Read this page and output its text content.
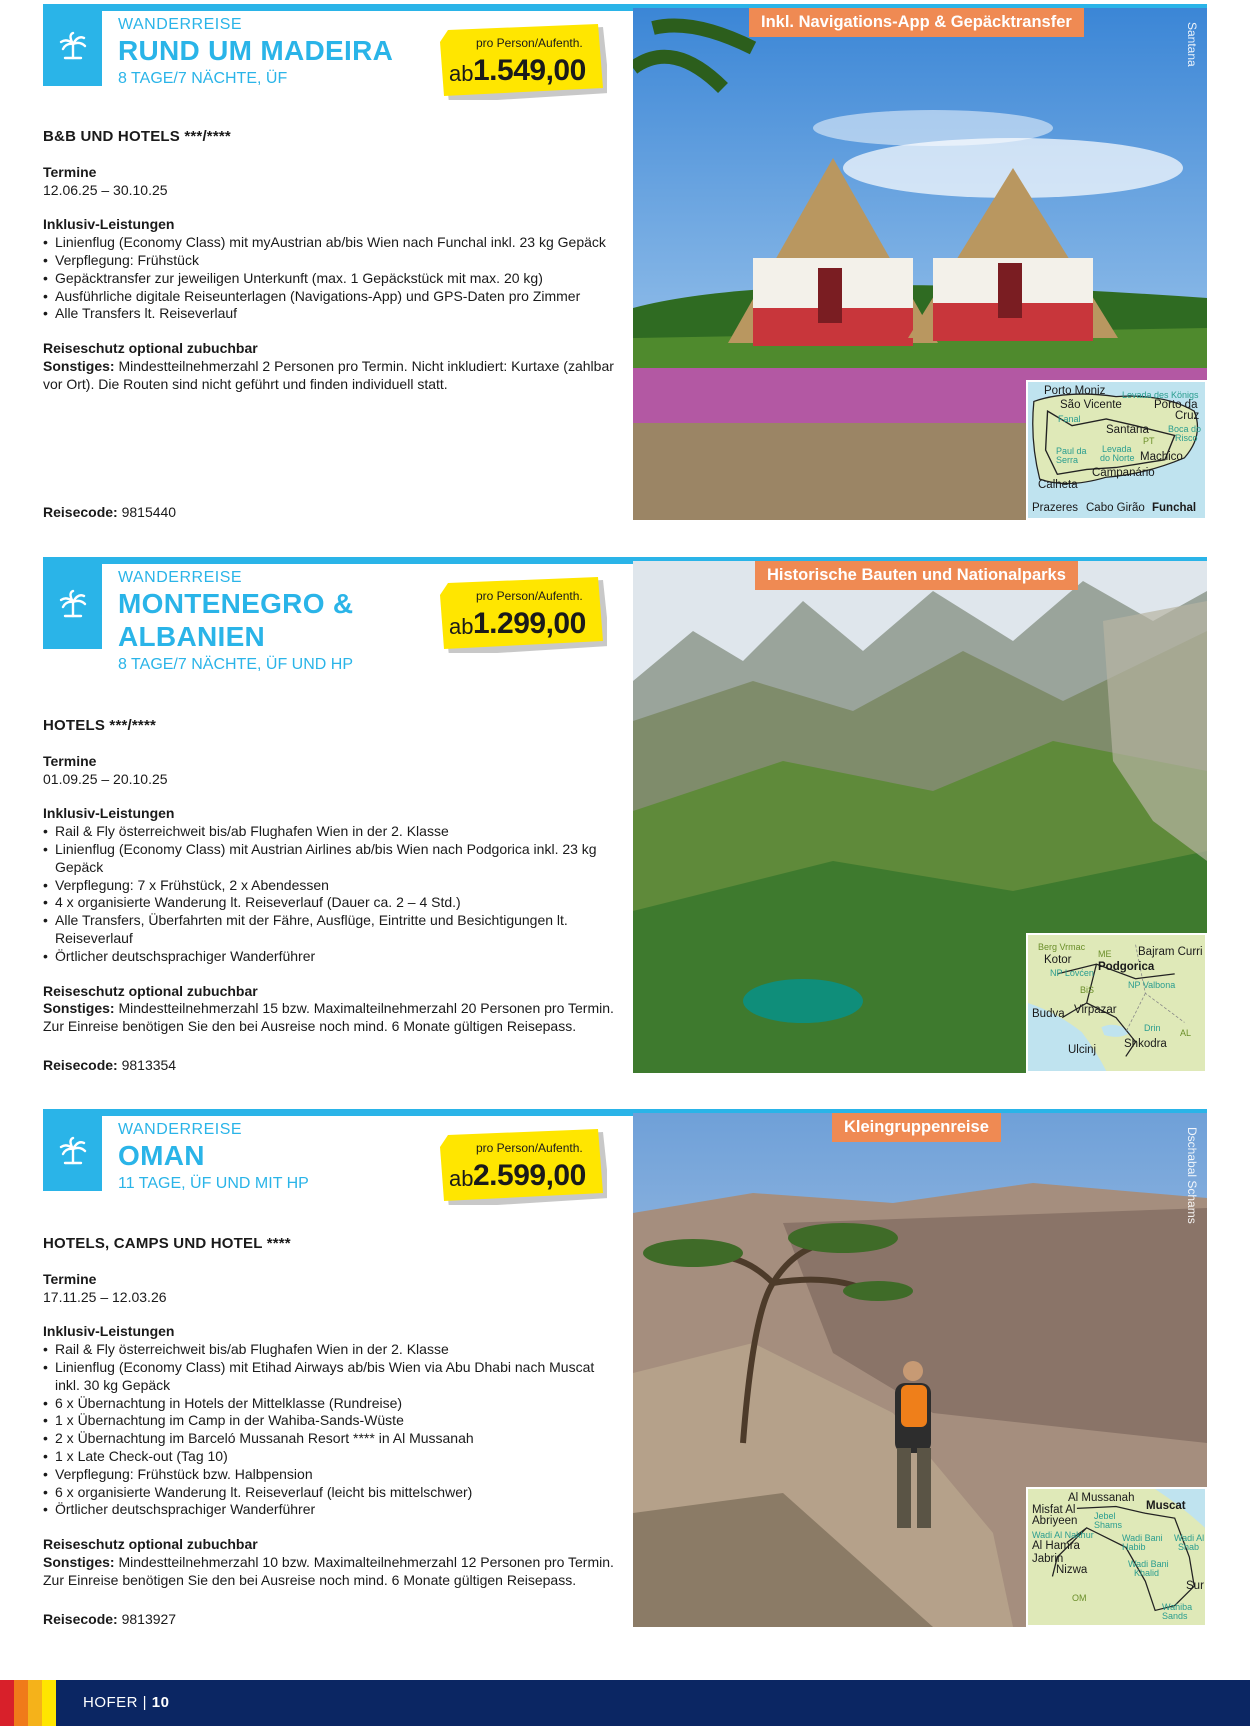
WANDERREISE
RUND UM MADEIRA
8 TAGE/7 NÄCHTE, ÜF
pro Person/Aufenth.
ab 1.549,00
B&B UND HOTELS ***/****
Termine
12.06.25 – 30.10.25
Inklusiv-Leistungen
• Linienflug (Economy Class) mit myAustrian ab/bis Wien nach Funchal inkl. 23 kg Gepäck
• Verpflegung: Frühstück
• Gepäcktransfer zur jeweiligen Unterkunft (max. 1 Gepäckstück mit max. 20 kg)
• Ausführliche digitale Reiseunterlagen (Navigations-App) und GPS-Daten pro Zimmer
• Alle Transfers lt. Reiseverlauf
Reiseschutz optional zubuchbar
Sonstiges: Mindestteilnehmerzahl 2 Personen pro Termin. Nicht inkludiert: Kurtaxe (zahlbar vor Ort). Die Routen sind nicht geführt und finden individuell statt.
Reisecode: 9815440
Inkl. Navigations-App & Gepäcktransfer	Santana
Porto Moniz Levada des Königs
São Vicente	Porto da
Cruz
Fanal
Santana
PT
Boca do
Risco
Paul da
Serra
Levada
do Norte Machico
Campanário
Calheta
Prazeres Cabo Girão Funchal
WANDERREISE
MONTENEGRO &
ALBANIEN
8 TAGE/7 NÄCHTE, ÜF UND HP
pro Person/Aufenth.
ab 1.299,00
HOTELS ***/****
Termine
01.09.25 – 20.10.25
Inklusiv-Leistungen
• Rail & Fly österreichweit bis/ab Flughafen Wien in der 2. Klasse
• Linienflug (Economy Class) mit Austrian Airlines ab/bis Wien nach Podgorica inkl. 23 kg Gepäck
• Verpflegung: 7 x Frühstück, 2 x Abendessen
• 4 x organisierte Wanderung lt. Reiseverlauf (Dauer ca. 2 – 4 Std.)
• Alle Transfers, Überfahrten mit der Fähre, Ausflüge, Eintritte und Besichtigungen lt. Reiseverlauf
• Örtlicher deutschsprachiger Wanderführer
Reiseschutz optional zubuchbar
Sonstiges: Mindestteilnehmerzahl 15 bzw. Maximalteilnehmerzahl 20 Personen pro Termin. Zur Einreise benötigen Sie den bei Ausreise noch mind. 6 Monate gültigen Reisepass.
Reisecode: 9813354
Historische Bauten und Nationalparks
Berg Vrmac
ME Bajram Curri
Kotor
Podgorica
NP Lovćen
NP Valbona
BiS
Budva Virpazar
Drin AL
Ulcinj Shkodra
WANDERREISE
OMAN
11 TAGE, ÜF UND MIT HP
pro Person/Aufenth.
ab 2.599,00
HOTELS, CAMPS UND HOTEL ****
Termine
17.11.25 – 12.03.26
Inklusiv-Leistungen
• Rail & Fly österreichweit bis/ab Flughafen Wien in der 2. Klasse
• Linienflug (Economy Class) mit Etihad Airways ab/bis Wien via Abu Dhabi nach Muscat inkl. 30 kg Gepäck
• 6 x Übernachtung in Hotels der Mittelklasse (Rundreise)
• 1 x Übernachtung im Camp in der Wahiba-Sands-Wüste
• 2 x Übernachtung im Barceló Mussanah Resort **** in Al Mussanah
• 1 x Late Check-out (Tag 10)
• Verpflegung: Frühstück bzw. Halbpension
• 6 x organisierte Wanderung lt. Reiseverlauf (leicht bis mittelschwer)
• Örtlicher deutschsprachiger Wanderführer
Reiseschutz optional zubuchbar
Sonstiges: Mindestteilnehmerzahl 10 bzw. Maximalteilnehmerzahl 12 Personen pro Termin. Zur Einreise benötigen Sie den bei Ausreise noch mind. 6 Monate gültigen Reisepass.
Reisecode: 9813927
Kleingruppenreise	Dschabal Schams
Al Mussanah
Muscat
Misfat Al
Abriyeen Jebel
Shams
Wadi Al Nakhur	Wadi Bani
Habib
Wadi Al
Shab
Al Hamra
Jabrin	Wadi Bani
Khalid
Nizwa
OM
Sur
Wahiba
Sands
HOFER | 10
